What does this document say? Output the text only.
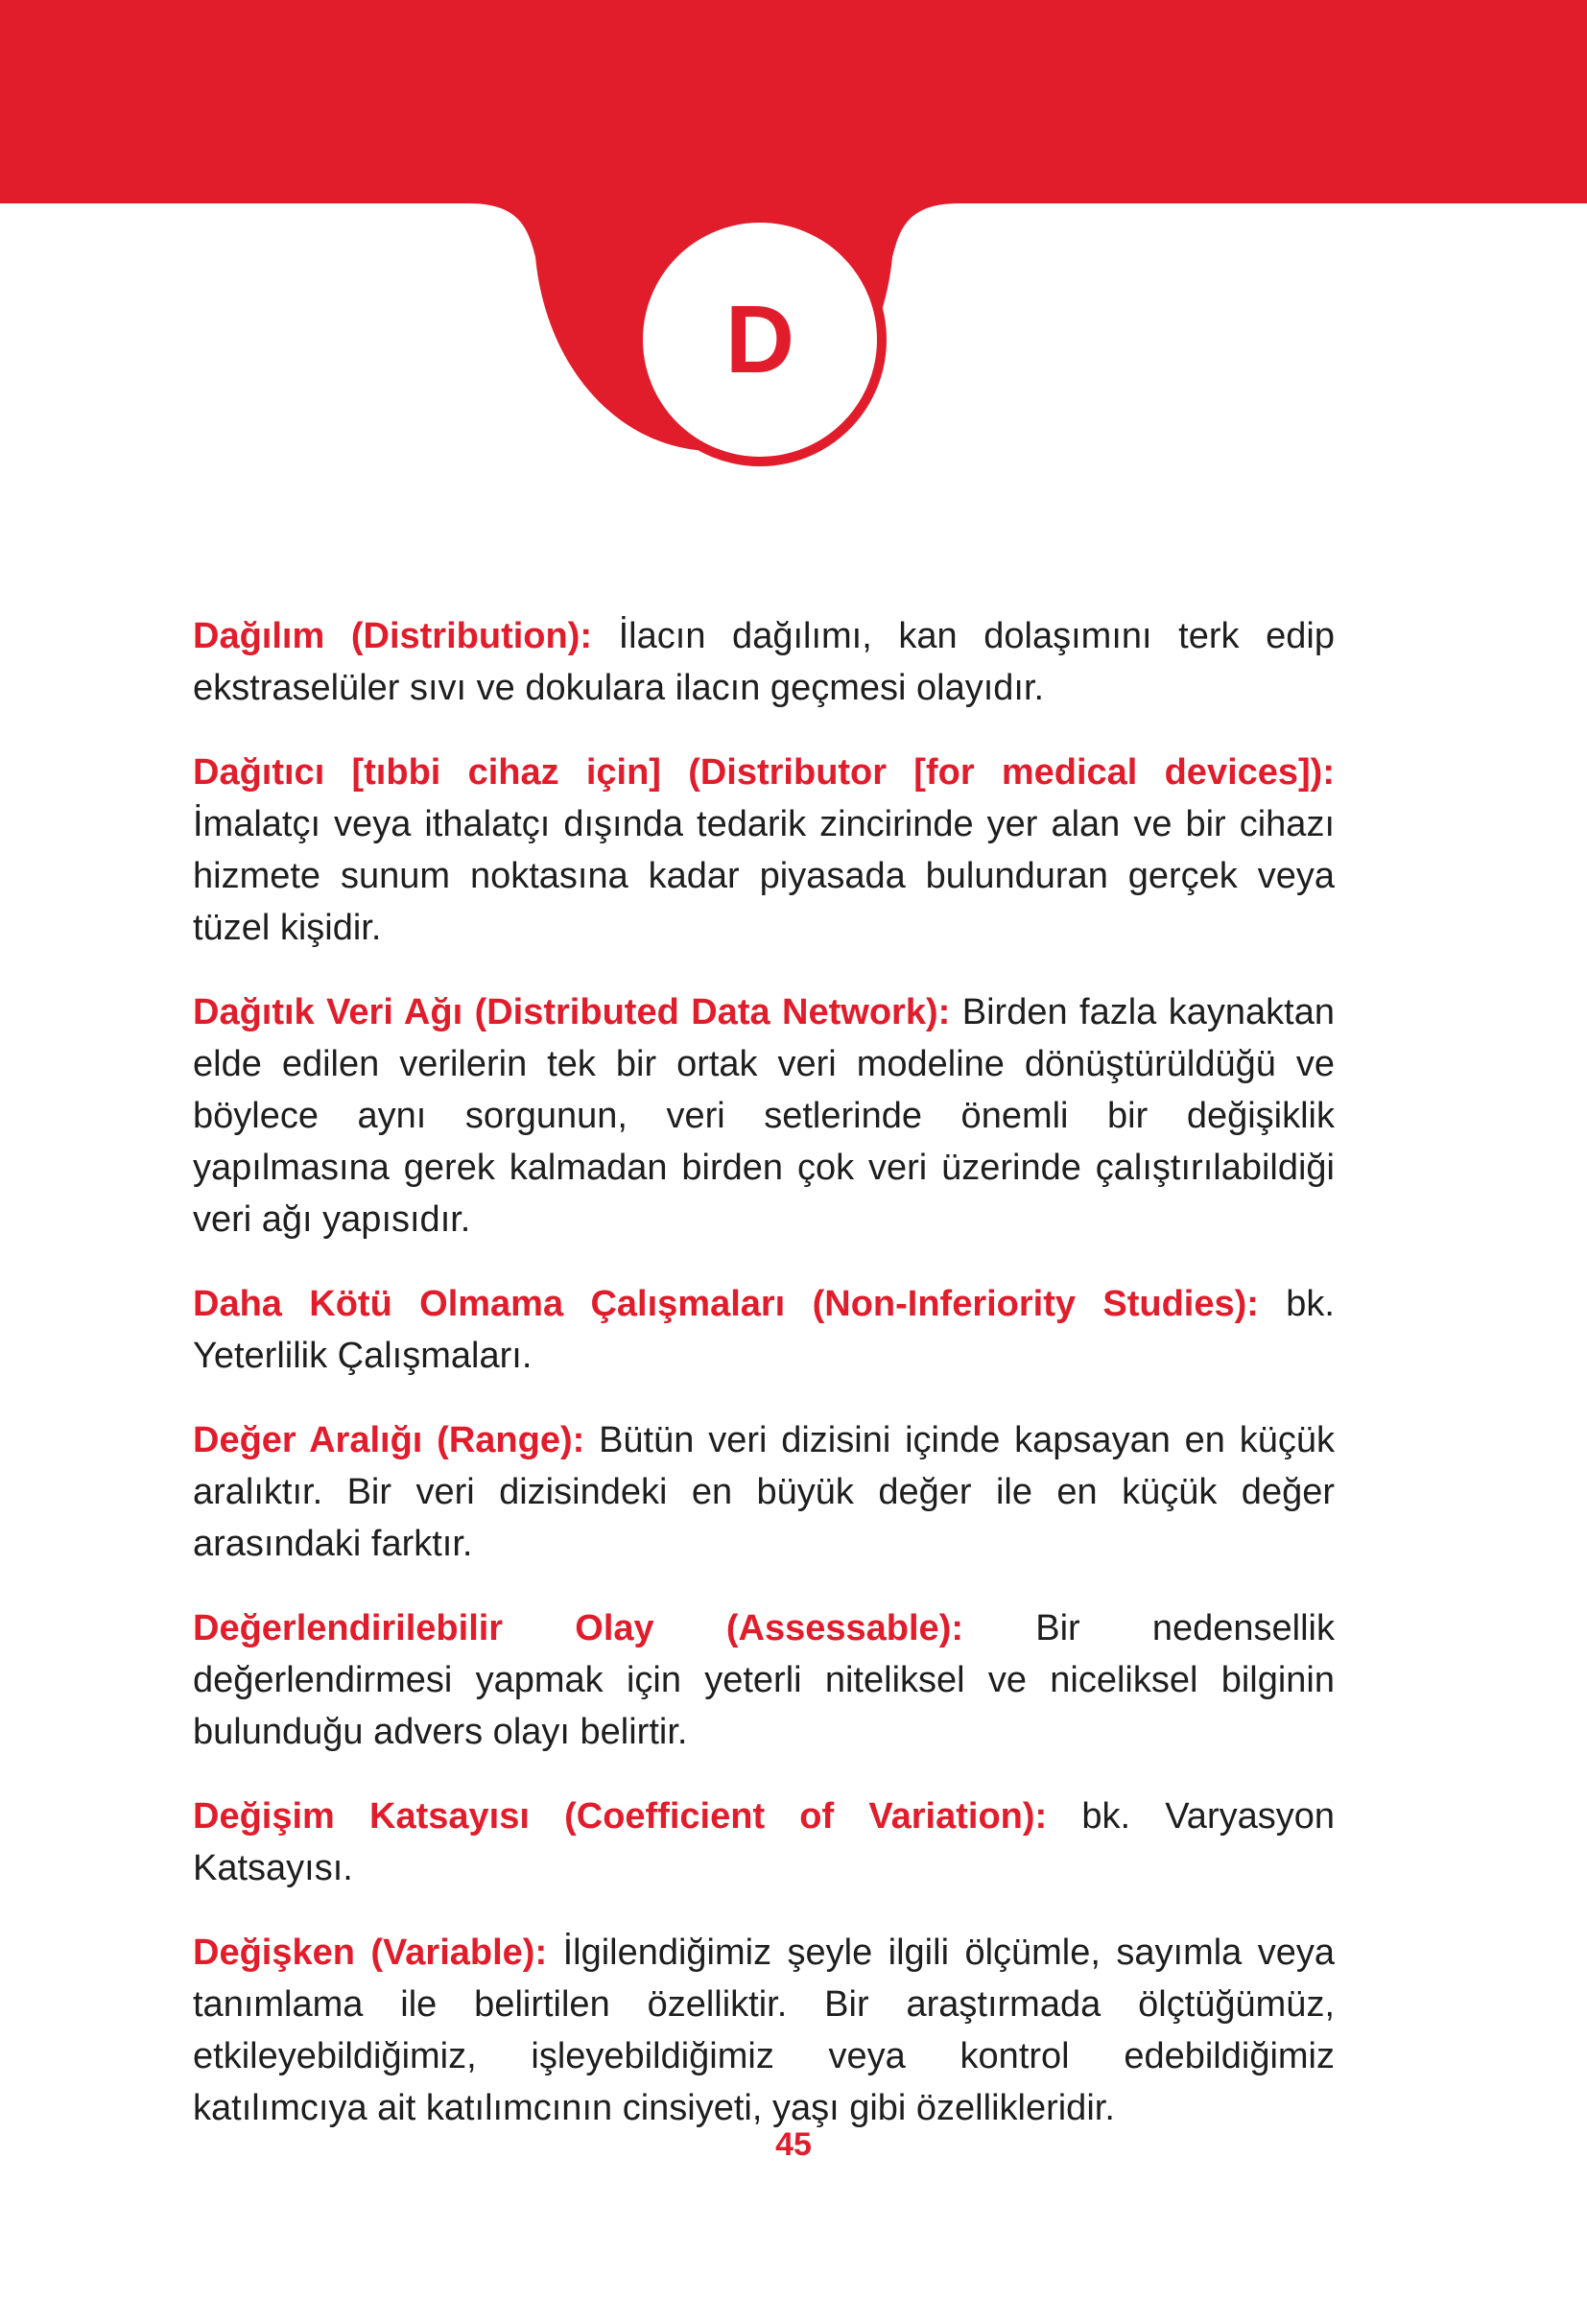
D

Dağılım (Distribution): İlacın dağılımı, kan dolaşımını terk edip ekstraselüler sıvı ve dokulara ilacın geçmesi olayıdır.

Dağıtıcı [tıbbi cihaz için] (Distributor [for medical devices]): İmalatçı veya ithalatçı dışında tedarik zincirinde yer alan ve bir cihazı hizmete sunum noktasına kadar piyasada bulunduran gerçek veya tüzel kişidir.

Dağıtık Veri Ağı (Distributed Data Network): Birden fazla kaynaktan elde edilen verilerin tek bir ortak veri modeline dönüştürüldüğü ve böylece aynı sorgunun, veri setlerinde önemli bir değişiklik yapılmasına gerek kalmadan birden çok veri üzerinde çalıştırılabildiği veri ağı yapısıdır.

Daha Kötü Olmama Çalışmaları (Non-Inferiority Studies): bk. Yeterlilik Çalışmaları.

Değer Aralığı (Range): Bütün veri dizisini içinde kapsayan en küçük aralıktır. Bir veri dizisindeki en büyük değer ile en küçük değer arasındaki farktır.

Değerlendirilebilir Olay (Assessable): Bir nedensellik değerlendirmesi yapmak için yeterli niteliksel ve niceliksel bilginin bulunduğu advers olayı belirtir.

Değişim Katsayısı (Coefficient of Variation): bk. Varyasyon Katsayısı.

Değişken (Variable): İlgilendiğimiz şeyle ilgili ölçümle, sayımla veya tanımlama ile belirtilen özelliktir. Bir araştırmada ölçtüğümüz, etkileyebildiğimiz, işleyebildiğimiz veya kontrol edebildiğimiz katılımcıya ait katılımcının cinsiyeti, yaşı gibi özellikleridir.

45
